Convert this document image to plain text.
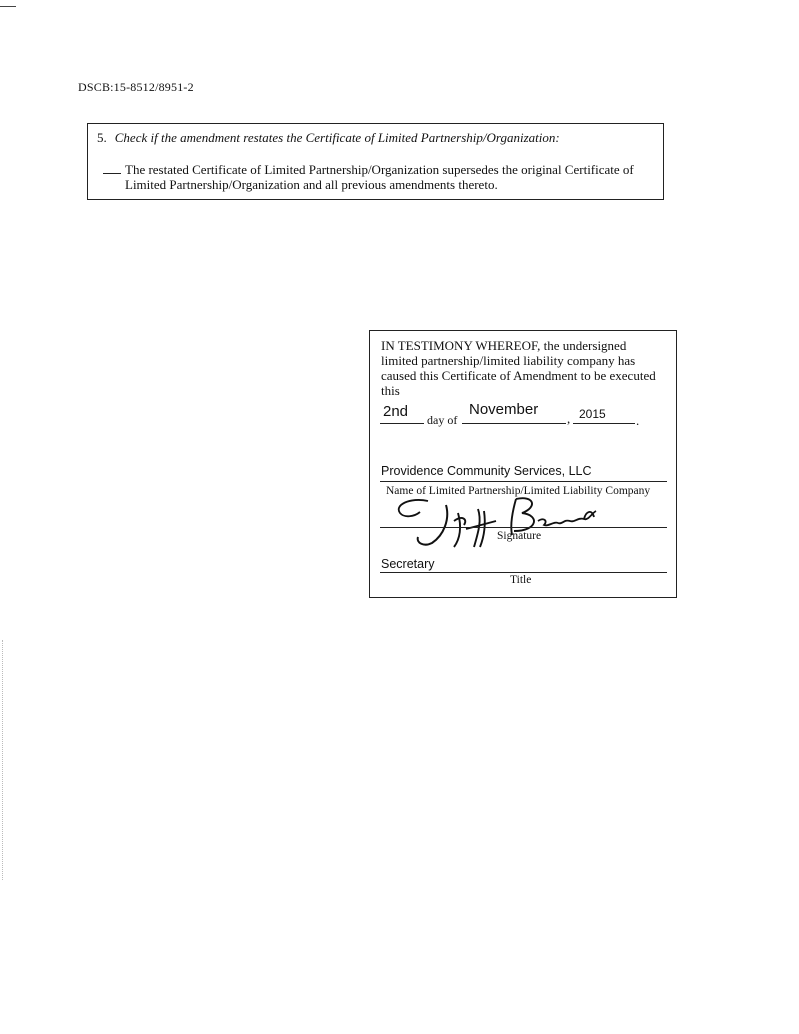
DSCB:15-8512/8951-2
5. Check if the amendment restates the Certificate of Limited Partnership/Organization:
The restated Certificate of Limited Partnership/Organization supersedes the original Certificate of
Limited Partnership/Organization and all previous amendments thereto.
IN TESTIMONY WHEREOF, the undersigned limited partnership/limited liability company has caused this Certificate of Amendment to be executed this
2nd day of
November
, 2015 .
Providence Community Services, LLC
Name of Limited Partnership/Limited Liability Company
Signature
Secretary
Title
